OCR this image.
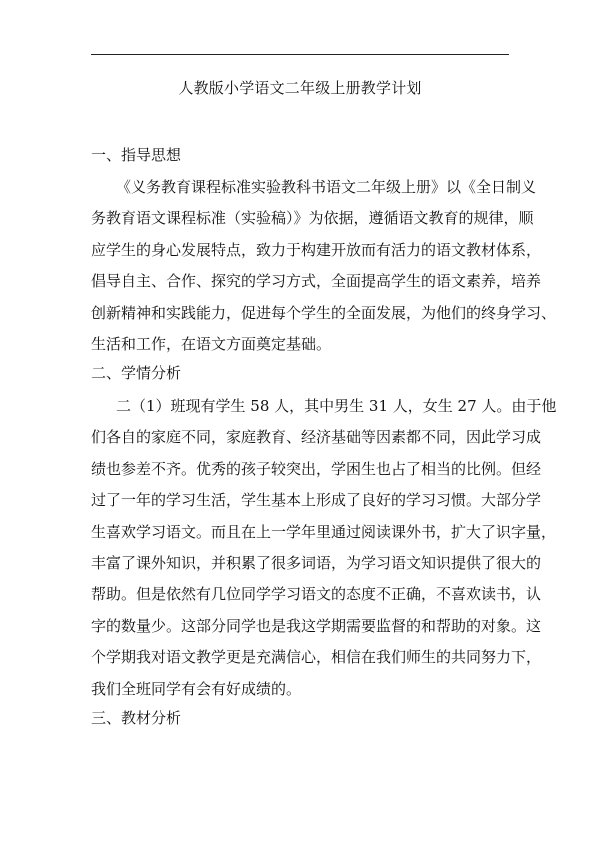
人教版小学语文二年级上册教学计划
一、指导思想
《义务教育课程标准实验教科书语文二年级上册》以《全日制义
务教育语文课程标准（实验稿）》为依据，遵循语文教育的规律，顺
应学生的身心发展特点，致力于构建开放而有活力的语文教材体系，
倡导自主、合作、探究的学习方式，全面提高学生的语文素养，培养
创新精神和实践能力，促进每个学生的全面发展，为他们的终身学习、
生活和工作，在语文方面奠定基础。
二、学情分析
二（1）班现有学生 58 人，其中男生 31 人，女生 27 人。由于他
们各自的家庭不同，家庭教育、经济基础等因素都不同，因此学习成
绩也参差不齐。优秀的孩子较突出，学困生也占了相当的比例。但经
过了一年的学习生活，学生基本上形成了良好的学习习惯。大部分学
生喜欢学习语文。而且在上一学年里通过阅读课外书，扩大了识字量，
丰富了课外知识，并积累了很多词语，为学习语文知识提供了很大的
帮助。但是依然有几位同学学习语文的态度不正确，不喜欢读书，认
字的数量少。这部分同学也是我这学期需要监督的和帮助的对象。这
个学期我对语文教学更是充满信心，相信在我们师生的共同努力下，
我们全班同学有会有好成绩的。
三、教材分析
